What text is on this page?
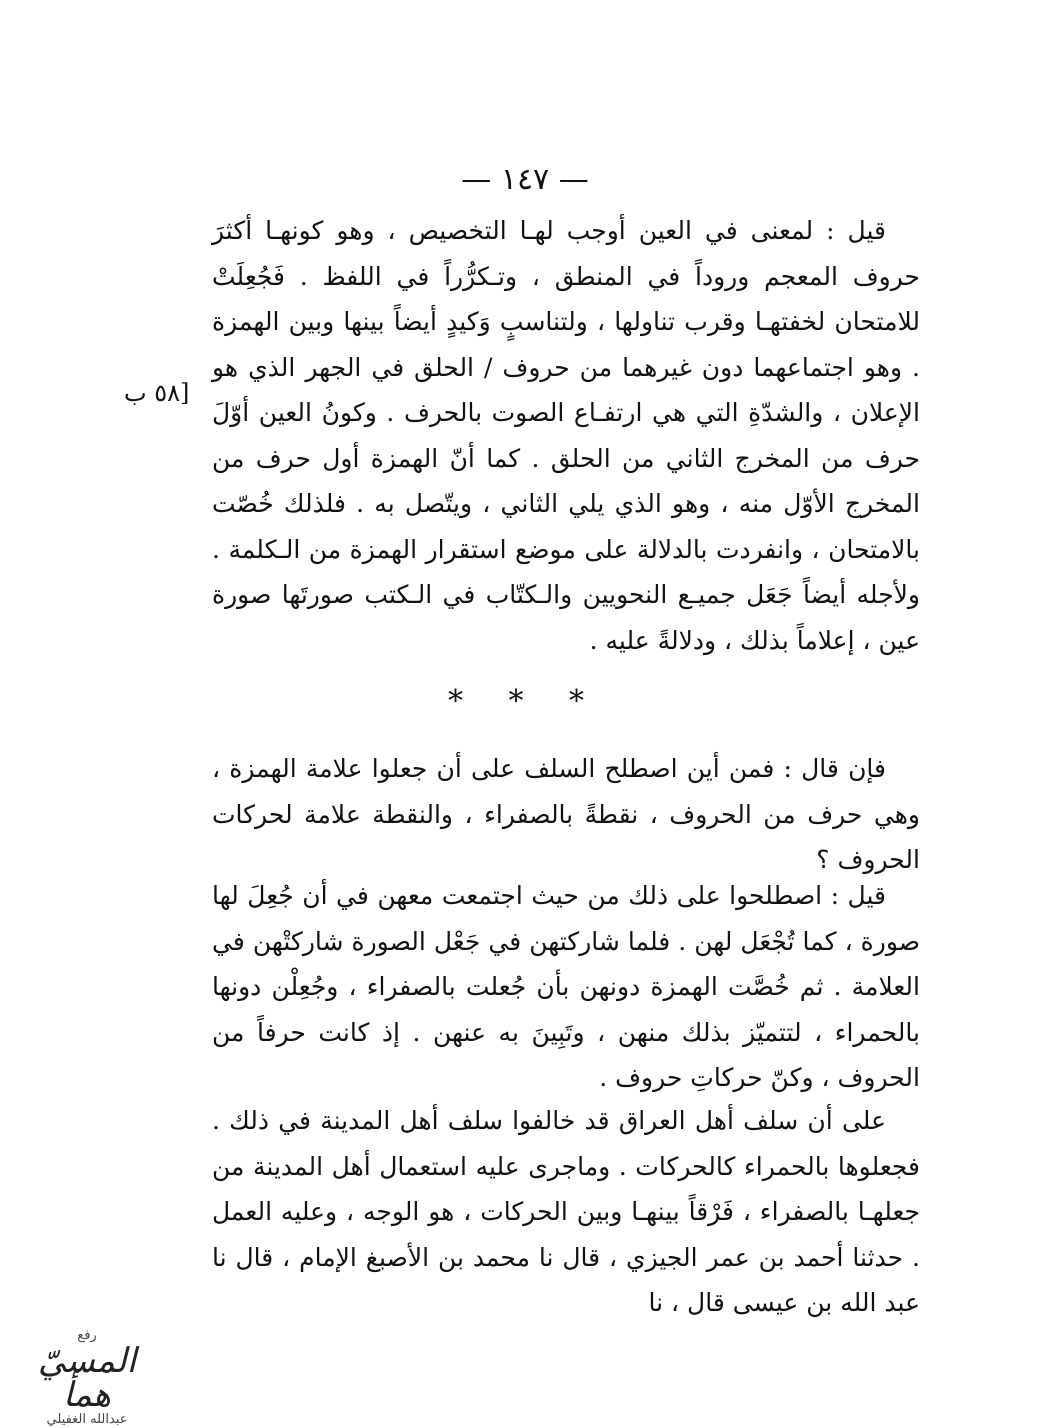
— ١٤٧ —
[٥٨ ب

قيل : لمعنى في العين أوجب لهـا التخصيص ، وهو كونهـا أكثرَ حروف المعجم وروداً في المنطق ، وتـكرُّراً في اللفظ . فَجُعِلَتْ للامتحان لخفتهـا وقرب تناولها ، ولتناسبٍ وَكيدٍ أيضاً بينها وبين الهمزة . وهو اجتماعهما دون غيرهما من حروف / الحلق في الجهر الذي هو الإعلان ، والشدّةِ التي هي ارتفـاع الصوت بالحرف . وكونُ العين أوّلَ حرف من المخرج الثاني من الحلق . كما أنّ الهمزة أول حرف من المخرج الأوّل منه ، وهو الذي يلي الثاني ، ويتّصل به . فلذلك خُصّت بالامتحان ، وانفردت بالدلالة على موضع استقرار الهمزة من الـكلمة . ولأجله أيضاً جَعَل جميـع النحويين والـكتّاب في الـكتب صورتَها صورة عين ، إعلاماً بذلك ، ودلالةً عليه .

* * *

فإن قال : فمن أين اصطلح السلف على أن جعلوا علامة الهمزة ، وهي حرف من الحروف ، نقطةً بالصفراء ، والنقطة علامة لحركات الحروف ؟

قيل : اصطلحوا على ذلك من حيث اجتمعت معهن في أن جُعِلَ لها صورة ، كما تُجْعَل لهن . فلما شاركتهن في جَعْل الصورة شاركتْهن في العلامة . ثم خُصَّت الهمزة دونهن بأن جُعلت بالصفراء ، وجُعِلْن دونها بالحمراء ، لتتميّز بذلك منهن ، وتَبِينَ به عنهن . إذ كانت حرفاً من الحروف ، وكنّ حركاتِ حروف .

على أن سلف أهل العراق قد خالفوا سلف أهل المدينة في ذلك . فجعلوها بالحمراء كالحركات . وماجرى عليه استعمال أهل المدينة من جعلهـا بالصفراء ، فَرْقاً بينهـا وبين الحركات ، هو الوجه ، وعليه العمل . حدثنا أحمد بن عمر الجيزي ، قال نا محمد بن الأصبغ الإمام ، قال نا عبد الله بن عيسى قال ، نا

رفع
المسيّ همأ
عبدالله الغفيلي
